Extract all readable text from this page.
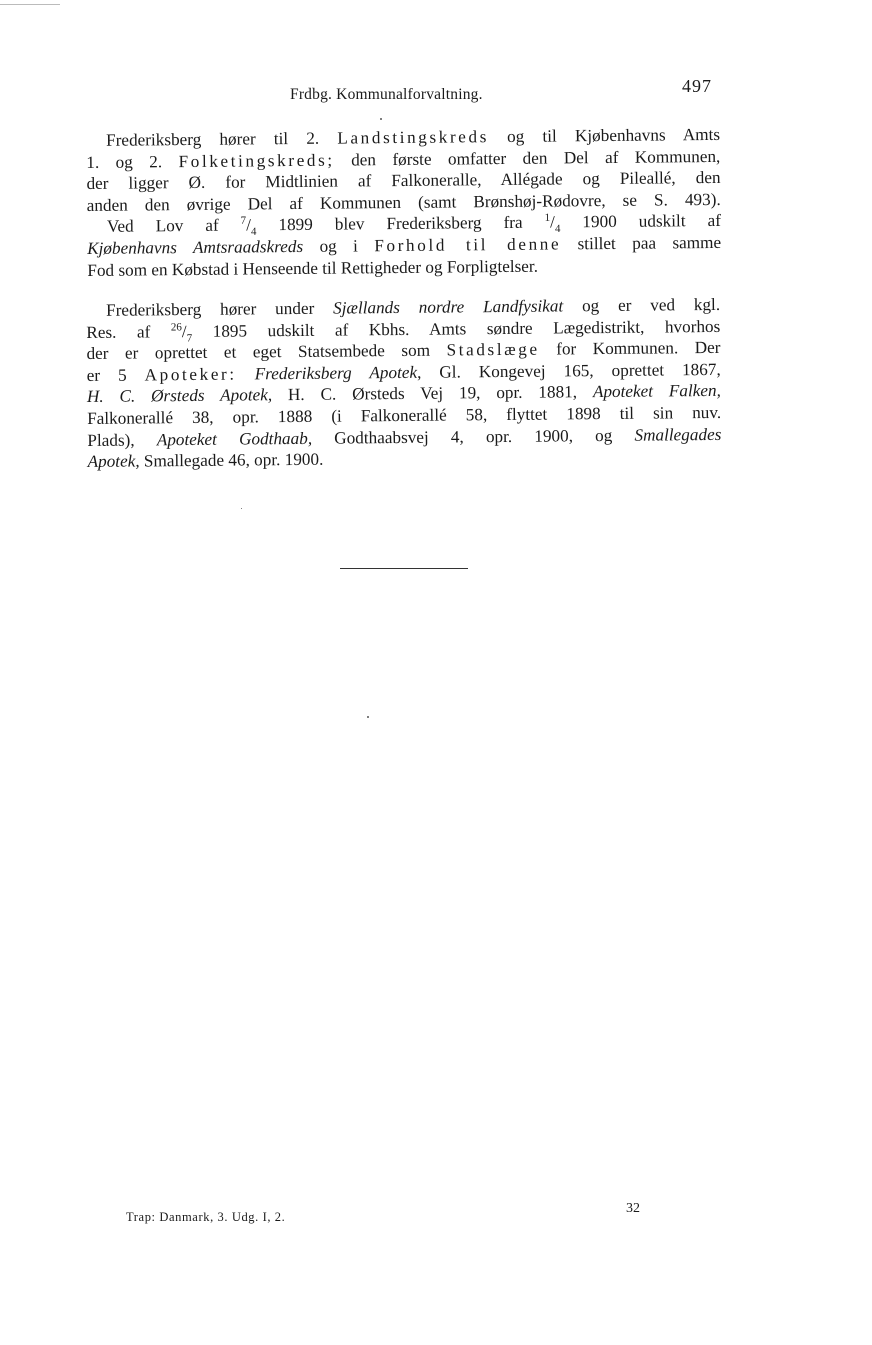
Frdbg. Kommunalforvaltning.	497
Frederiksberg hører til 2. Landstingskreds og til Kjøbenhavns Amts
1. og 2. Folketingskreds; den første omfatter den Del af Kommunen,
der ligger Ø. for Midtlinien af Falkoneralle, Allégade og Pileallé, den
anden den øvrige Del af Kommunen (samt Brønshøj-Rødovre, se S. 493).
Ved Lov af $^7/_4$ 1899 blev Frederiksberg fra $^1/_4$ 1900 udskilt af
Kjøbenhavns Amtsraadskreds og i Forhold til denne stillet paa samme
Fod som en Købstad i Henseende til Rettigheder og Forpligtelser.
Frederiksberg hører under Sjællands nordre Landfysikat og er ved kgl.
Res. af $^{26}/_7$ 1895 udskilt af Kbhs. Amts søndre Lægedistrikt, hvorhos
der er oprettet et eget Statsembede som Stadslæge for Kommunen. Der
er 5 Apoteker: Frederiksberg Apotek, Gl. Kongevej 165, oprettet 1867,
H. C. Ørsteds Apotek, H. C. Ørsteds Vej 19, opr. 1881, Apoteket Falken,
Falkonerallé 38, opr. 1888 (i Falkonerallé 58, flyttet 1898 til sin nuv.
Plads), Apoteket Godthaab, Godthaabsvej 4, opr. 1900, og Smallegades
Apotek, Smallegade 46, opr. 1900.
Trap: Danmark, 3. Udg. I, 2.
32
